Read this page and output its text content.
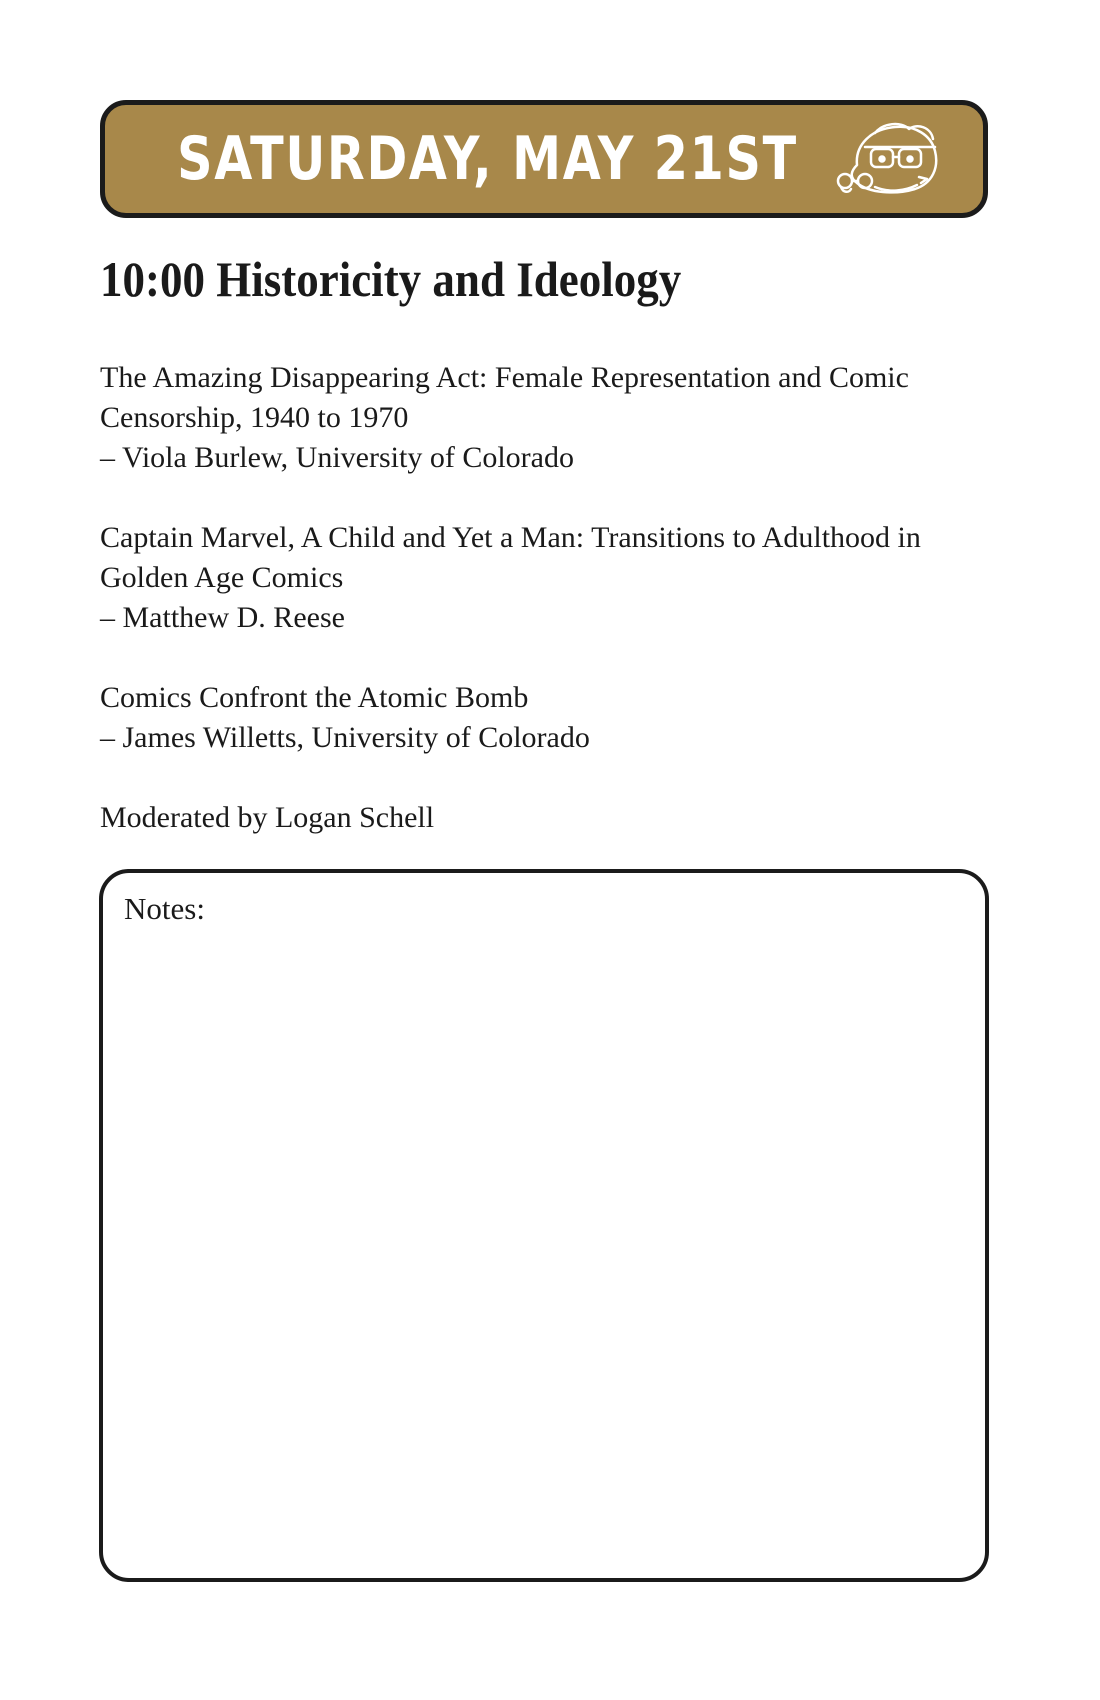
SATURDAY, MAY 21ST
10:00 Historicity and Ideology
The Amazing Disappearing Act: Female Representation and Comic Censorship, 1940 to 1970
– Viola Burlew, University of Colorado
Captain Marvel, A Child and Yet a Man: Transitions to Adulthood in Golden Age Comics
– Matthew D. Reese
Comics Confront the Atomic Bomb
– James Willetts, University of Colorado
Moderated by Logan Schell
Notes:
